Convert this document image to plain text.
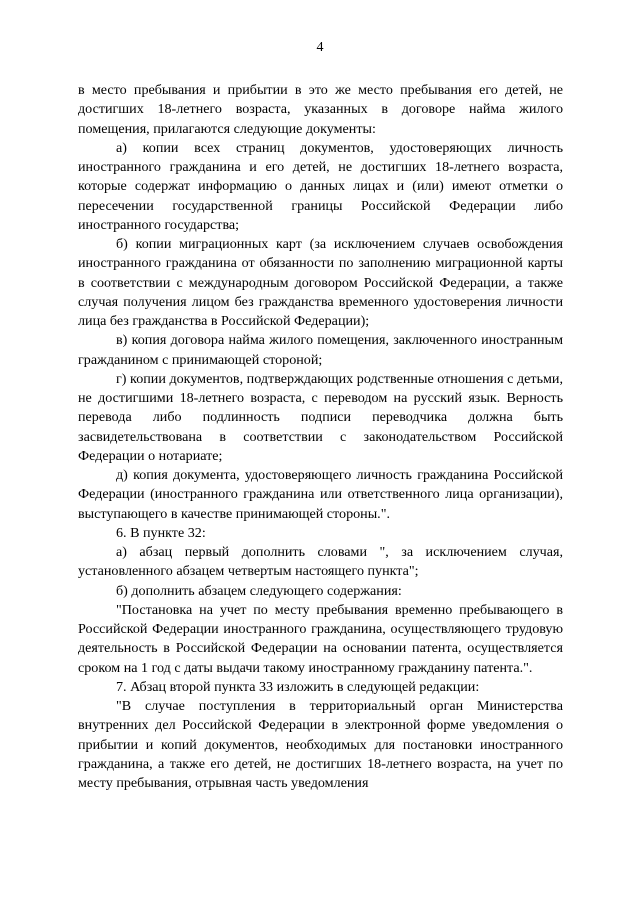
4

в место пребывания и прибытии в это же место пребывания его детей, не достигших 18-летнего возраста, указанных в договоре найма жилого помещения, прилагаются следующие документы:

а) копии всех страниц документов, удостоверяющих личность иностранного гражданина и его детей, не достигших 18-летнего возраста, которые содержат информацию о данных лицах и (или) имеют отметки о пересечении государственной границы Российской Федерации либо иностранного государства;

б) копии миграционных карт (за исключением случаев освобождения иностранного гражданина от обязанности по заполнению миграционной карты в соответствии с международным договором Российской Федерации, а также случая получения лицом без гражданства временного удостоверения личности лица без гражданства в Российской Федерации);

в) копия договора найма жилого помещения, заключенного иностранным гражданином с принимающей стороной;

г) копии документов, подтверждающих родственные отношения с детьми, не достигшими 18-летнего возраста, с переводом на русский язык. Верность перевода либо подлинность подписи переводчика должна быть засвидетельствована в соответствии с законодательством Российской Федерации о нотариате;

д) копия документа, удостоверяющего личность гражданина Российской Федерации (иностранного гражданина или ответственного лица организации), выступающего в качестве принимающей стороны.".

6. В пункте 32:

а) абзац первый дополнить словами ", за исключением случая, установленного абзацем четвертым настоящего пункта";

б) дополнить абзацем следующего содержания:

"Постановка на учет по месту пребывания временно пребывающего в Российской Федерации иностранного гражданина, осуществляющего трудовую деятельность в Российской Федерации на основании патента, осуществляется сроком на 1 год с даты выдачи такому иностранному гражданину патента.".

7. Абзац второй пункта 33 изложить в следующей редакции:

"В случае поступления в территориальный орган Министерства внутренних дел Российской Федерации в электронной форме уведомления о прибытии и копий документов, необходимых для постановки иностранного гражданина, а также его детей, не достигших 18-летнего возраста, на учет по месту пребывания, отрывная часть уведомления
